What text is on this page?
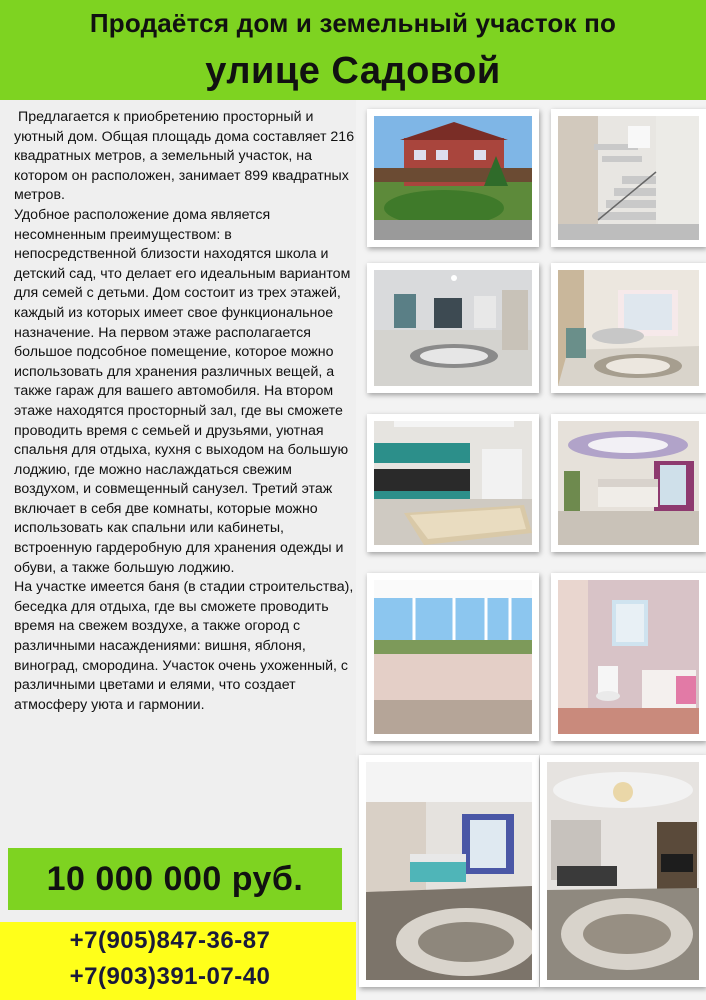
Продаётся дом и земельный участок по
улице Садовой

Предлагается к приобретению просторный и уютный дом. Общая площадь дома составляет 216 квадратных метров, а земельный участок, на котором он расположен, занимает 899 квадратных метров.

Удобное расположение дома является несомненным преимуществом: в непосредственной близости находятся школа и детский сад, что делает его идеальным вариантом для семей с детьми. Дом состоит из трех этажей, каждый из которых имеет свое функциональное назначение. На первом этаже располагается большое подсобное помещение, которое можно использовать для хранения различных вещей, а также гараж для вашего автомобиля. На втором этаже находятся просторный зал, где вы сможете проводить время с семьей и друзьями, уютная спальня для отдыха, кухня с выходом на большую лоджию, где можно наслаждаться свежим воздухом, и совмещенный санузел. Третий этаж включает в себя две комнаты, которые можно использовать как спальни или кабинеты, встроенную гардеробную для хранения одежды и обуви, а также большую лоджию.

На участке имеется баня (в стадии строительства), беседка для отдыха, где вы сможете проводить время на свежем воздухе, а также огород с различными насаждениями: вишня, яблоня, виноград, смородина. Участок очень ухоженный, с различными цветами и елями, что создает атмосферу уюта и гармонии.

10 000 000 руб.
+7(905)847-36-87
+7(903)391-07-40
